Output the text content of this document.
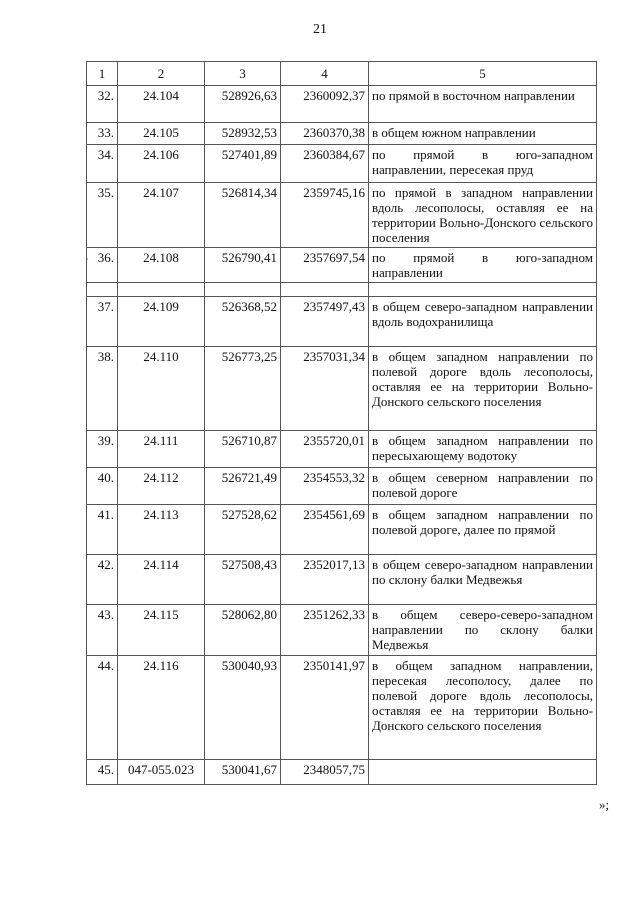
21
·
1	2	3	4	5
32.	24.104	528926,63	2360092,37	по прямой в восточном направлении
33.	24.105	528932,53	2360370,38	в общем южном направлении
34.	24.106	527401,89	2360384,67	по прямой в юго-западном направлении, пересекая пруд
35.	24.107	526814,34	2359745,16	по прямой в западном направлении вдоль лесополосы, оставляя ее на территории Вольно-Донского сельского поселения
36.	24.108	526790,41	2357697,54	по прямой в юго-западном направлении

37.	24.109	526368,52	2357497,43	в общем северо-западном направлении вдоль водохранилища
38.	24.110	526773,25	2357031,34	в общем западном направлении по полевой дороге вдоль лесополосы, оставляя ее на территории Вольно-Донского сельского поселения
39.	24.111	526710,87	2355720,01	в общем западном направлении по пересыхающему водотоку
40.	24.112	526721,49	2354553,32	в общем северном направлении по полевой дороге
41.	24.113	527528,62	2354561,69	в общем западном направлении по полевой дороге, далее по прямой
42.	24.114	527508,43	2352017,13	в общем северо-западном направлении по склону балки Медвежья
43.	24.115	528062,80	2351262,33	в общем северо-северо-западном направлении по склону балки Медвежья
44.	24.116	530040,93	2350141,97	в общем западном направлении, пересекая лесополосу, далее по полевой дороге вдоль лесополосы, оставляя ее на территории Вольно-Донского сельского поселения
45.	047-055.023	530041,67	2348057,75	
»;
